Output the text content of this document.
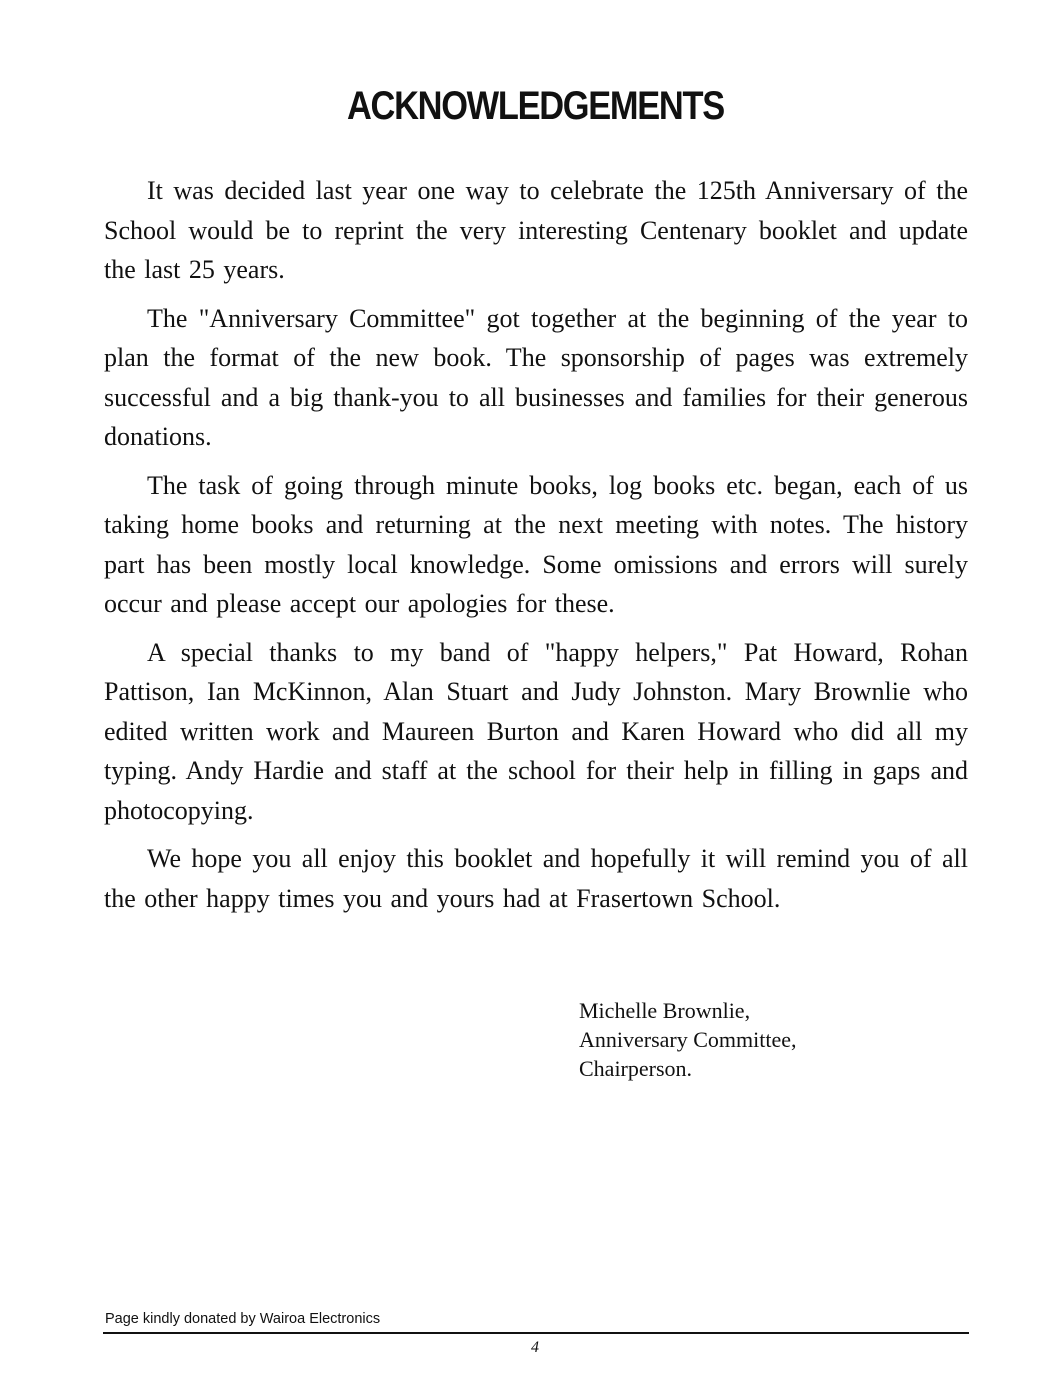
ACKNOWLEDGEMENTS

It was decided last year one way to celebrate the 125th Anniversary of the School would be to reprint the very interesting Centenary booklet and update the last 25 years.

The "Anniversary Committee" got together at the beginning of the year to plan the format of the new book. The sponsorship of pages was extremely successful and a big thank-you to all businesses and families for their generous donations.

The task of going through minute books, log books etc. began, each of us taking home books and returning at the next meeting with notes. The history part has been mostly local knowledge. Some omissions and errors will surely occur and please accept our apologies for these.

A special thanks to my band of "happy helpers," Pat Howard, Rohan Pattison, Ian McKinnon, Alan Stuart and Judy Johnston. Mary Brownlie who edited written work and Maureen Burton and Karen Howard who did all my typing. Andy Hardie and staff at the school for their help in filling in gaps and photocopying.

We hope you all enjoy this booklet and hopefully it will remind you of all the other happy times you and yours had at Frasertown School.

Michelle Brownlie,
Anniversary Committee,
Chairperson.
Page kindly donated by Wairoa Electronics
4
